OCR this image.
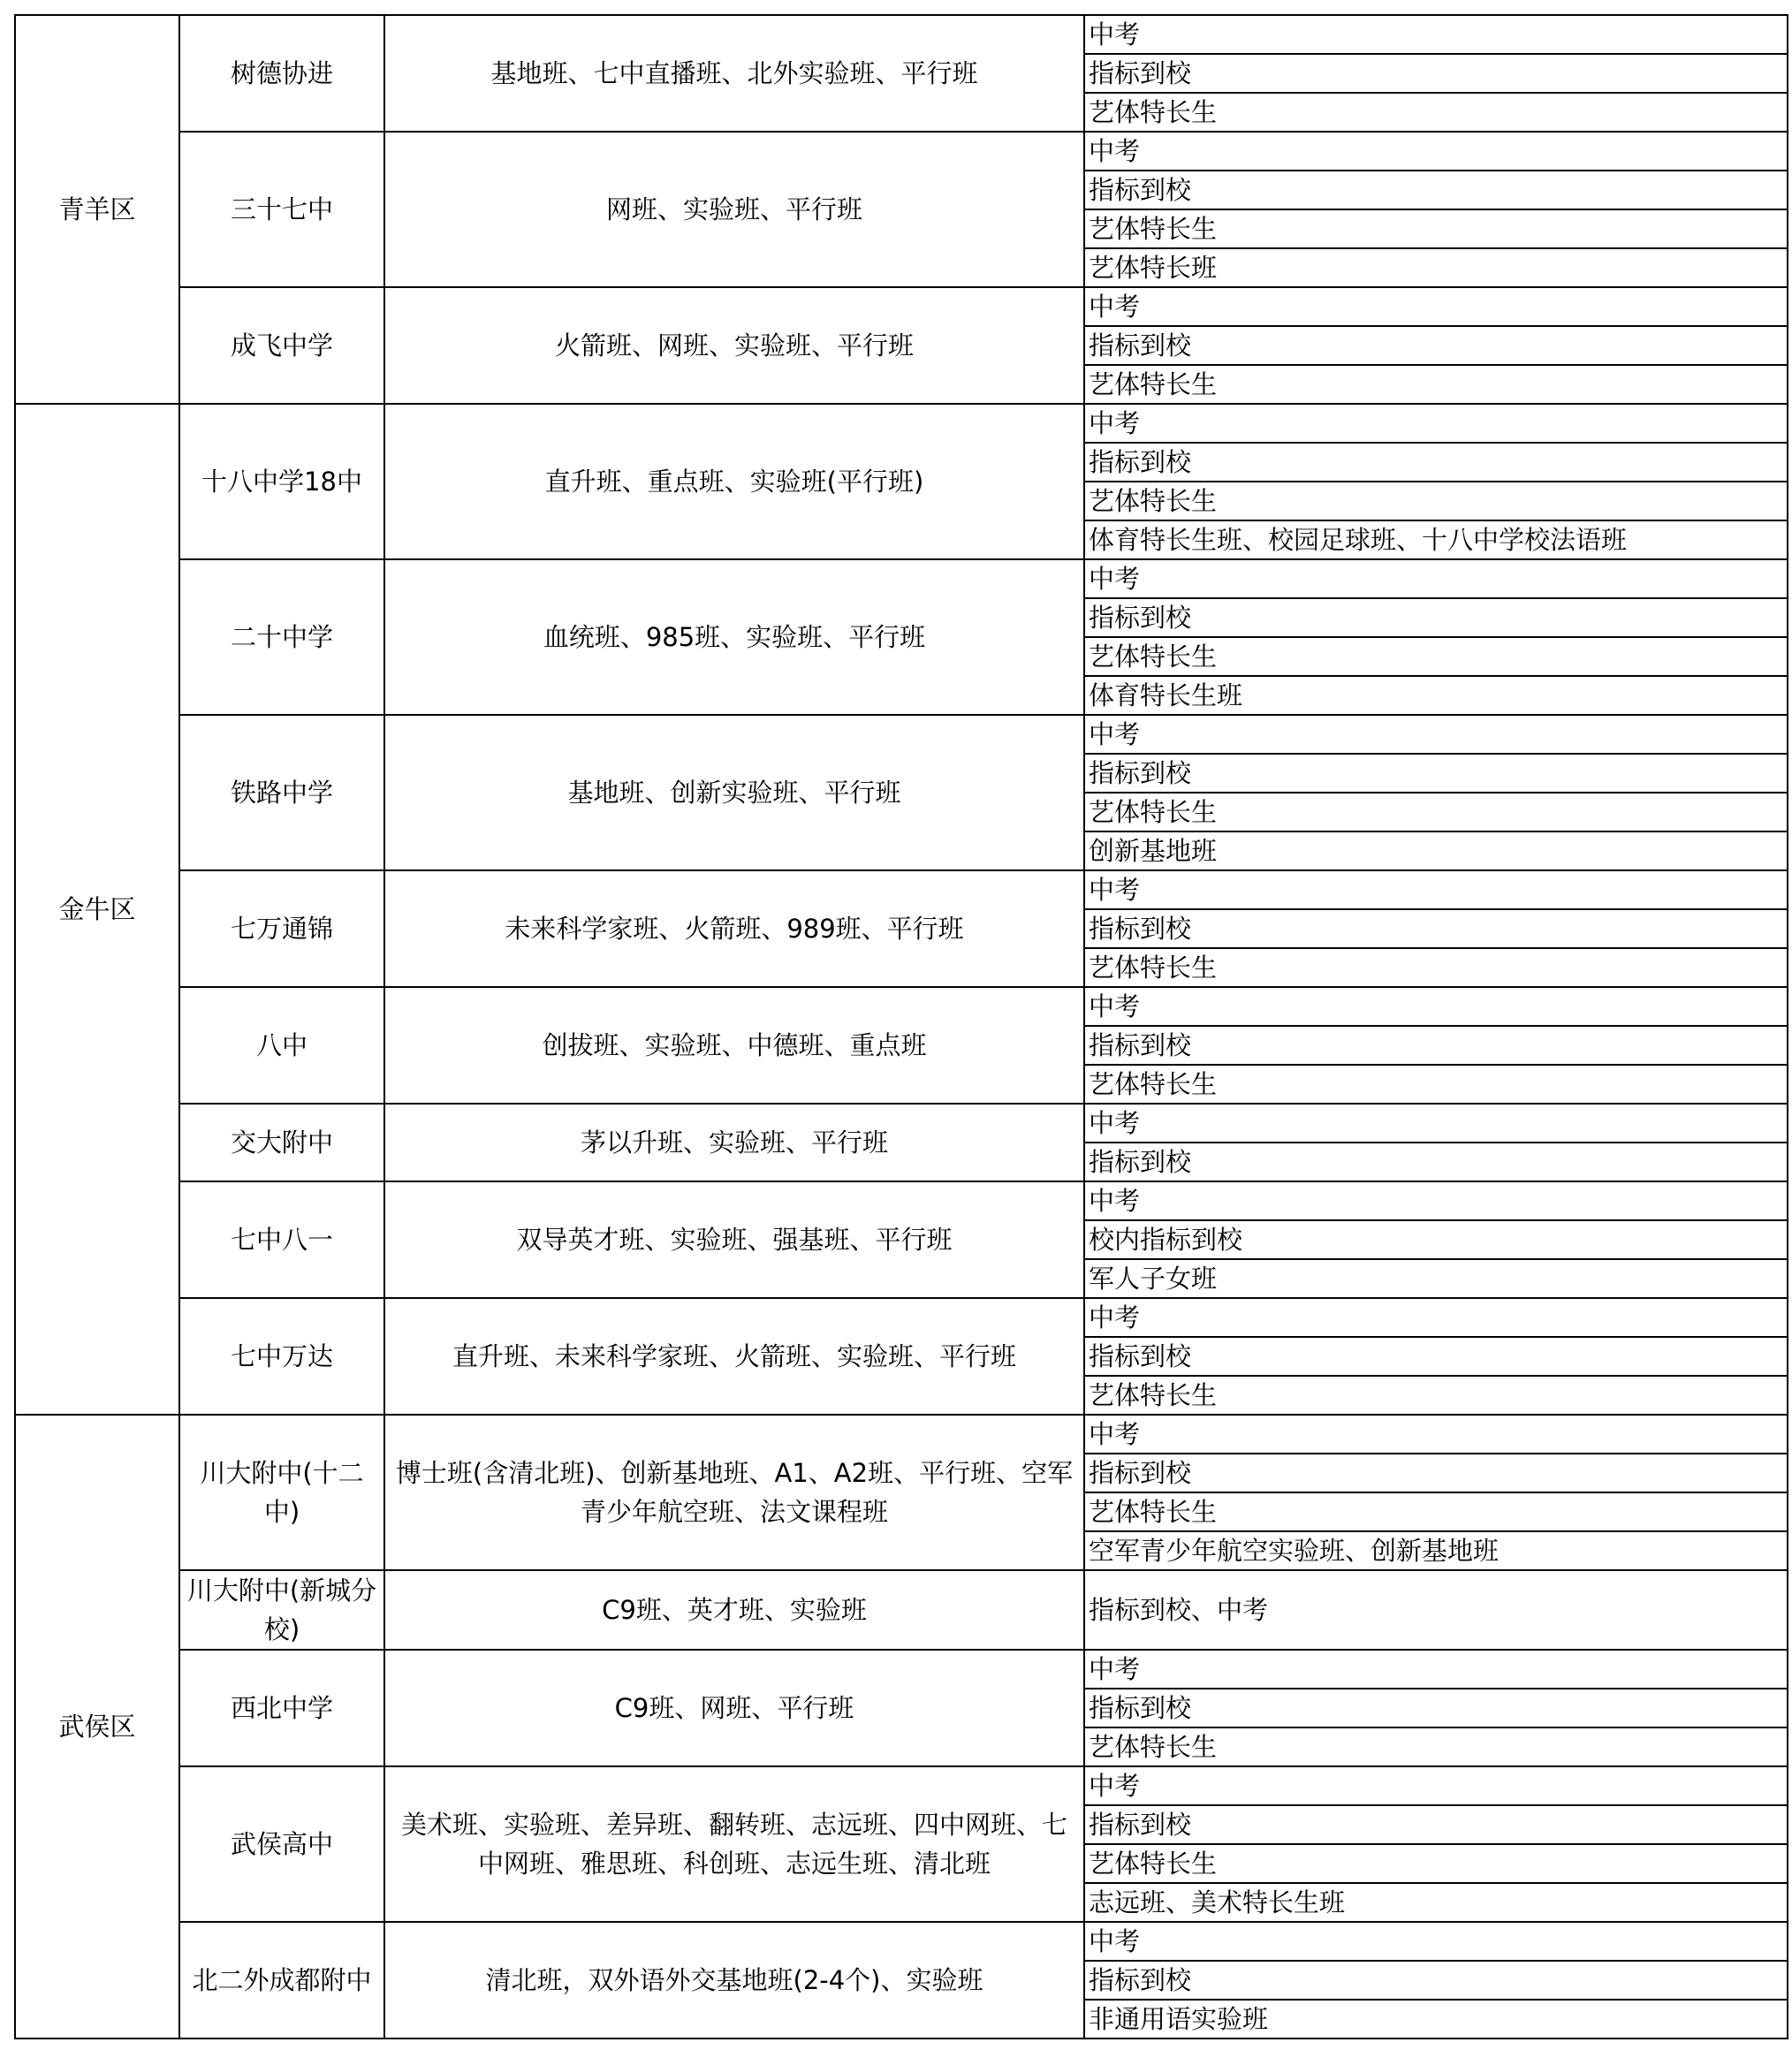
青羊区	树德协进	基地班、七中直播班、北外实验班、平行班	中考
			指标到校
			艺体特长生
	三十七中	网班、实验班、平行班	中考
			指标到校
			艺体特长生
			艺体特长班
	成飞中学	火箭班、网班、实验班、平行班	中考
			指标到校
			艺体特长生
金牛区	十八中学18中	直升班、重点班、实验班(平行班)	中考
			指标到校
			艺体特长生
			体育特长生班、校园足球班、十八中学校法语班
	二十中学	血统班、985班、实验班、平行班	中考
			指标到校
			艺体特长生
			体育特长生班
	铁路中学	基地班、创新实验班、平行班	中考
			指标到校
			艺体特长生
			创新基地班
	七万通锦	未来科学家班、火箭班、989班、平行班	中考
			指标到校
			艺体特长生
	八中	创拔班、实验班、中德班、重点班	中考
			指标到校
			艺体特长生
	交大附中	茅以升班、实验班、平行班	中考
			指标到校
	七中八一	双导英才班、实验班、强基班、平行班	中考
			校内指标到校
			军人子女班
	七中万达	直升班、未来科学家班、火箭班、实验班、平行班	中考
			指标到校
			艺体特长生
武侯区	川大附中(十二中)	博士班(含清北班)、创新基地班、A1、A2班、平行班、空军青少年航空班、法文课程班	中考
			指标到校
			艺体特长生
			空军青少年航空实验班、创新基地班
	川大附中(新城分校)	C9班、英才班、实验班	指标到校、中考
	西北中学	C9班、网班、平行班	中考
			指标到校
			艺体特长生
	武侯高中	美术班、实验班、差异班、翻转班、志远班、四中网班、七中网班、雅思班、科创班、志远生班、清北班	中考
			指标到校
			艺体特长生
			志远班、美术特长生班
	北二外成都附中	清北班，双外语外交基地班(2-4个)、实验班	中考
			指标到校
			非通用语实验班
